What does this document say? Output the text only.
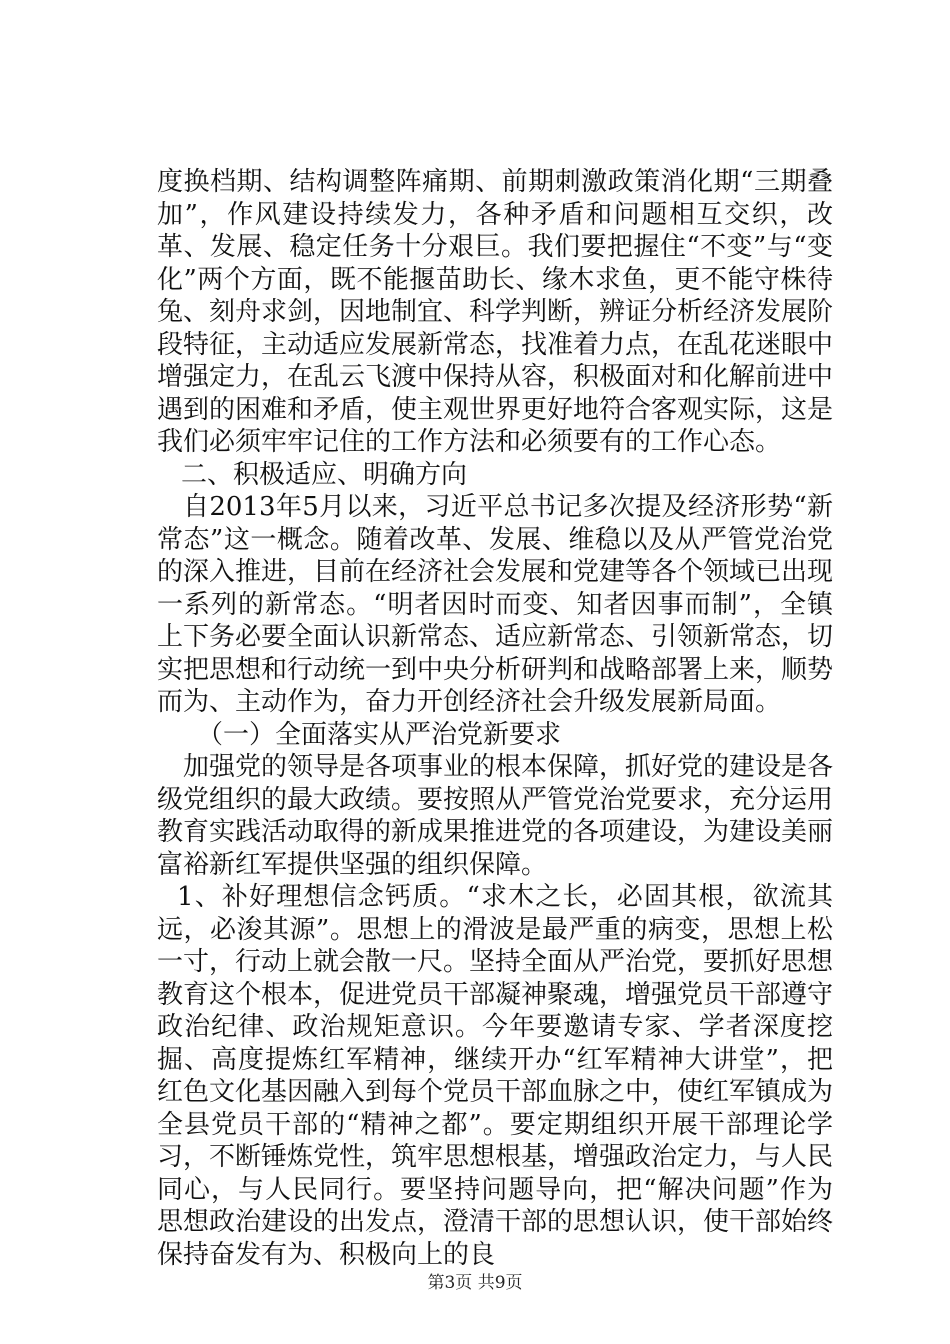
度换档期、结构调整阵痛期、前期刺激政策消化期“三期叠加”，作风建设持续发力，各种矛盾和问题相互交织，改革、发展、稳定任务十分艰巨。我们要把握住“不变”与“变化”两个方面，既不能揠苗助长、缘木求鱼，更不能守株待兔、刻舟求剑，因地制宜、科学判断，辨证分析经济发展阶段特征，主动适应发展新常态，找准着力点，在乱花迷眼中增强定力，在乱云飞渡中保持从容，积极面对和化解前进中遇到的困难和矛盾，使主观世界更好地符合客观实际，这是我们必须牢牢记住的工作方法和必须要有的工作心态。

二、积极适应、明确方向

自2013年5月以来，习近平总书记多次提及经济形势“新常态”这一概念。随着改革、发展、维稳以及从严管党治党的深入推进，目前在经济社会发展和党建等各个领域已出现一系列的新常态。“明者因时而变、知者因事而制”，全镇上下务必要全面认识新常态、适应新常态、引领新常态，切实把思想和行动统一到中央分析研判和战略部署上来，顺势而为、主动作为，奋力开创经济社会升级发展新局面。

（一）全面落实从严治党新要求

加强党的领导是各项事业的根本保障，抓好党的建设是各级党组织的最大政绩。要按照从严管党治党要求，充分运用教育实践活动取得的新成果推进党的各项建设，为建设美丽富裕新红军提供坚强的组织保障。

1、补好理想信念钙质。“求木之长，必固其根，欲流其远，必浚其源”。思想上的滑波是最严重的病变，思想上松一寸，行动上就会散一尺。坚持全面从严治党，要抓好思想教育这个根本，促进党员干部凝神聚魂，增强党员干部遵守政治纪律、政治规矩意识。今年要邀请专家、学者深度挖掘、高度提炼红军精神，继续开办“红军精神大讲堂”，把红色文化基因融入到每个党员干部血脉之中，使红军镇成为全县党员干部的“精神之都”。要定期组织开展干部理论学习，不断锤炼党性，筑牢思想根基，增强政治定力，与人民同心，与人民同行。要坚持问题导向，把“解决问题”作为思想政治建设的出发点，澄清干部的思想认识，使干部始终保持奋发有为、积极向上的良

第3页 共9页
